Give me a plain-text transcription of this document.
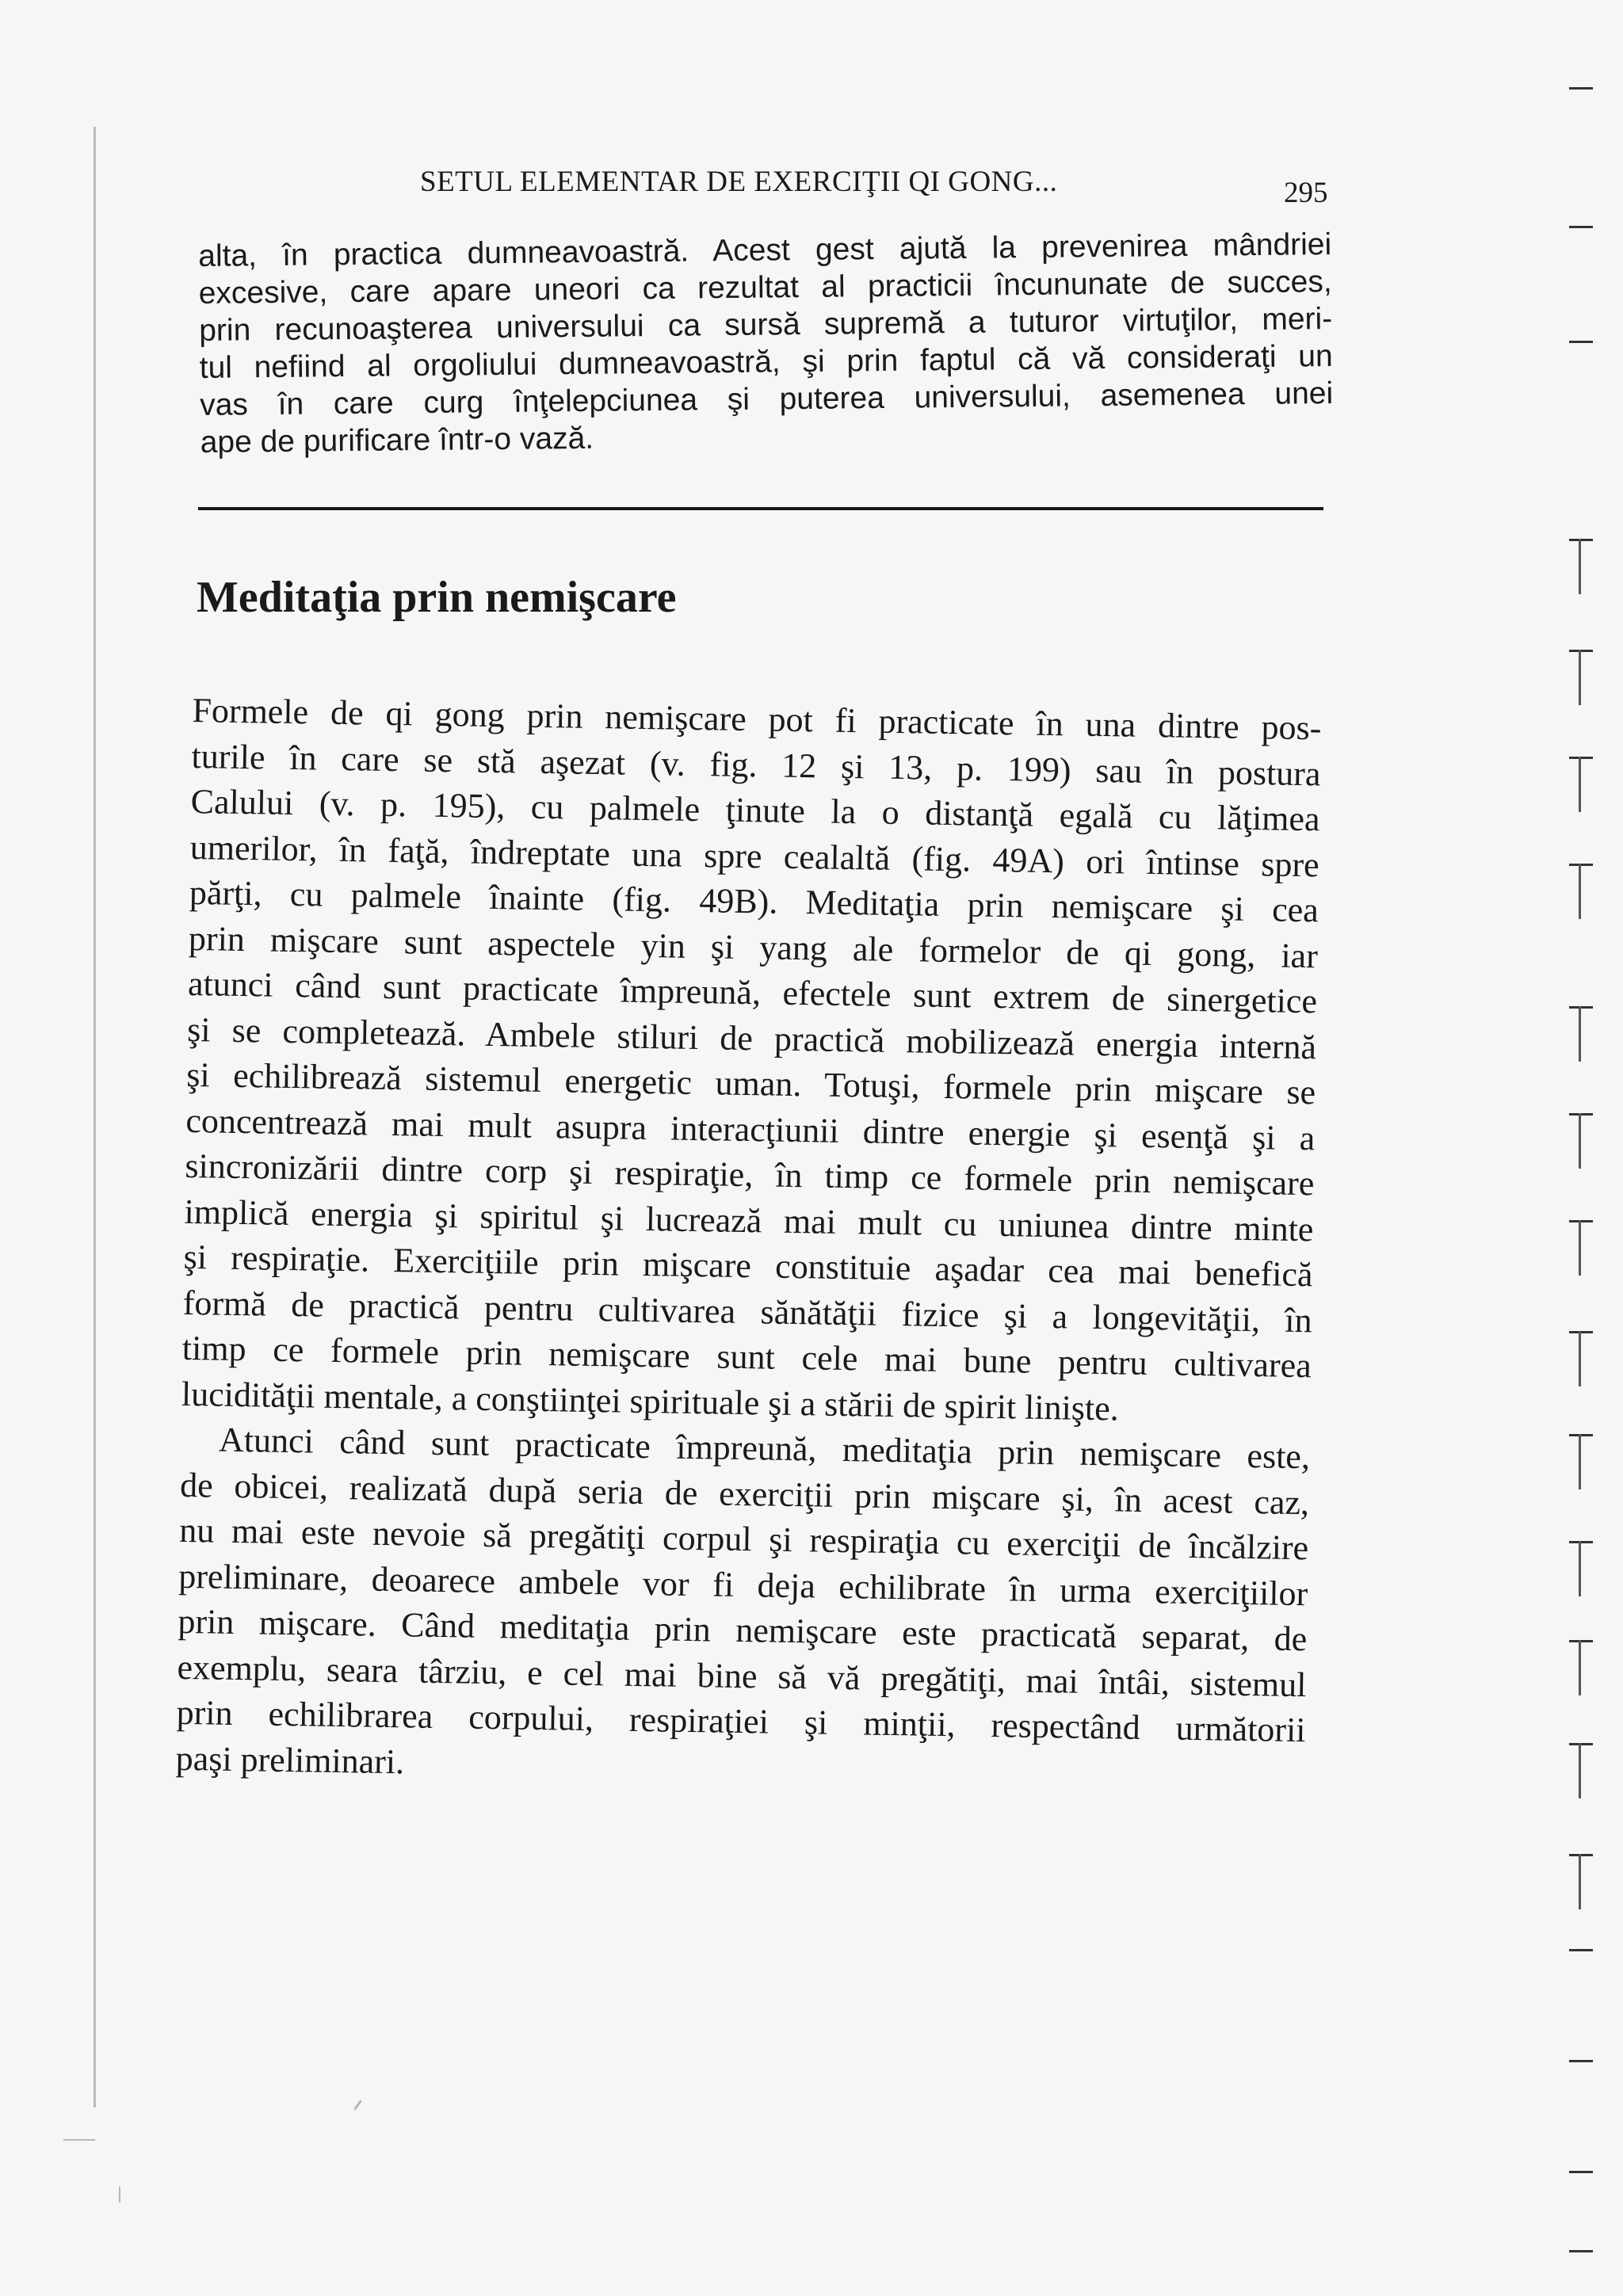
SETUL ELEMENTAR DE EXERCIŢII QI GONG...	295
alta, în practica dumneavoastră. Acest gest ajută la prevenirea mândriei
excesive, care apare uneori ca rezultat al practicii încununate de succes,
prin recunoaşterea universului ca sursă supremă a tuturor virtuţilor, meri-
tul nefiind al orgoliului dumneavoastră, şi prin faptul că vă consideraţi un
vas în care curg înţelepciunea şi puterea universului, asemenea unei
ape de purificare într-o vază.
Meditaţia prin nemişcare
Formele de qi gong prin nemişcare pot fi practicate în una dintre pos-
turile în care se stă aşezat (v. fig. 12 şi 13, p. 199) sau în postura
Calului (v. p. 195), cu palmele ţinute la o distanţă egală cu lăţimea
umerilor, în faţă, îndreptate una spre cealaltă (fig. 49A) ori întinse spre
părţi, cu palmele înainte (fig. 49B). Meditaţia prin nemişcare şi cea
prin mişcare sunt aspectele yin şi yang ale formelor de qi gong, iar
atunci când sunt practicate împreună, efectele sunt extrem de sinergetice
şi se completează. Ambele stiluri de practică mobilizează energia internă
şi echilibrează sistemul energetic uman. Totuşi, formele prin mişcare se
concentrează mai mult asupra interacţiunii dintre energie şi esenţă şi a
sincronizării dintre corp şi respiraţie, în timp ce formele prin nemişcare
implică energia şi spiritul şi lucrează mai mult cu uniunea dintre minte
şi respiraţie. Exerciţiile prin mişcare constituie aşadar cea mai benefică
formă de practică pentru cultivarea sănătăţii fizice şi a longevităţii, în
timp ce formele prin nemişcare sunt cele mai bune pentru cultivarea
lucidităţii mentale, a conştiinţei spirituale şi a stării de spirit linişte.
Atunci când sunt practicate împreună, meditaţia prin nemişcare este,
de obicei, realizată după seria de exerciţii prin mişcare şi, în acest caz,
nu mai este nevoie să pregătiţi corpul şi respiraţia cu exerciţii de încălzire
preliminare, deoarece ambele vor fi deja echilibrate în urma exerciţiilor
prin mişcare. Când meditaţia prin nemişcare este practicată separat, de
exemplu, seara târziu, e cel mai bine să vă pregătiţi, mai întâi, sistemul
prin echilibrarea corpului, respiraţiei şi minţii, respectând următorii
paşi preliminari.
